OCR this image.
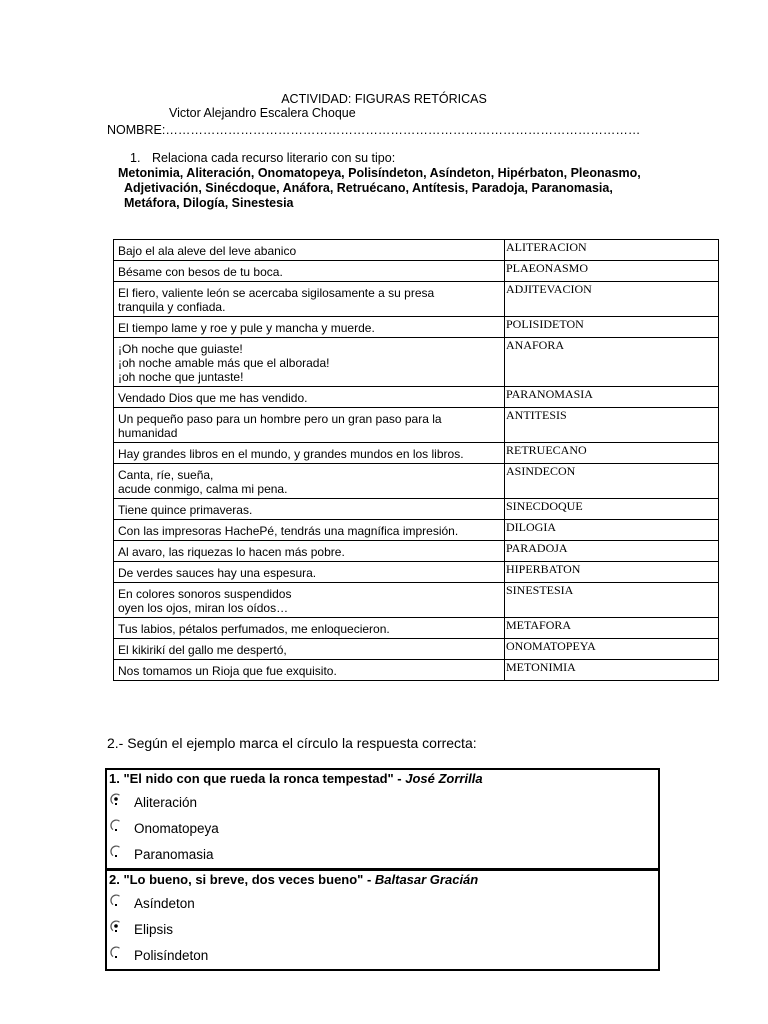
ACTIVIDAD: FIGURAS RETÓRICAS
Victor Alejandro Escalera Choque
NOMBRE:……………………………………………………………………………………………………
1. Relaciona cada recurso literario con su tipo:
Metonimia, Aliteración, Onomatopeya, Polisíndeton, Asíndeton, Hipérbaton, Pleonasmo,
Adjetivación, Sinécdoque, Anáfora, Retruécano, Antítesis, Paradoja, Paranomasia,
Metáfora, Dilogía, Sinestesia
Bajo el ala aleve del leve abanico	ALITERACION
Bésame con besos de tu boca.	PLAEONASMO
El fiero, valiente león se acercaba sigilosamente a su presa
tranquila y confiada.	ADJITEVACION
El tiempo lame y roe y pule y mancha y muerde.	POLISIDETON
¡Oh noche que guiaste!
¡oh noche amable más que el alborada!
¡oh noche que juntaste!	ANAFORA
Vendado Dios que me has vendido.	PARANOMASIA
Un pequeño paso para un hombre pero un gran paso para la
humanidad	ANTITESIS
Hay grandes libros en el mundo, y grandes mundos en los libros.	RETRUECANO
Canta, ríe, sueña,
acude conmigo, calma mi pena.	ASINDECON
Tiene quince primaveras.	SINECDOQUE
Con las impresoras HachePé, tendrás una magnífica impresión.	DILOGIA
Al avaro, las riquezas lo hacen más pobre.	PARADOJA
De verdes sauces hay una espesura.	HIPERBATON
En colores sonoros suspendidos
oyen los ojos, miran los oídos…	SINESTESIA
Tus labios, pétalos perfumados, me enloquecieron.	METAFORA
El kikirikí del gallo me despertó,	ONOMATOPEYA
Nos tomamos un Rioja que fue exquisito.	METONIMIA
2.- Según el ejemplo marca el círculo la respuesta correcta:
1. "El nido con que rueda la ronca tempestad" - José Zorrilla
Aliteración
Onomatopeya
Paranomasia
2. "Lo bueno, si breve, dos veces bueno" - Baltasar Gracián
Asíndeton
Elipsis
Polisíndeton
